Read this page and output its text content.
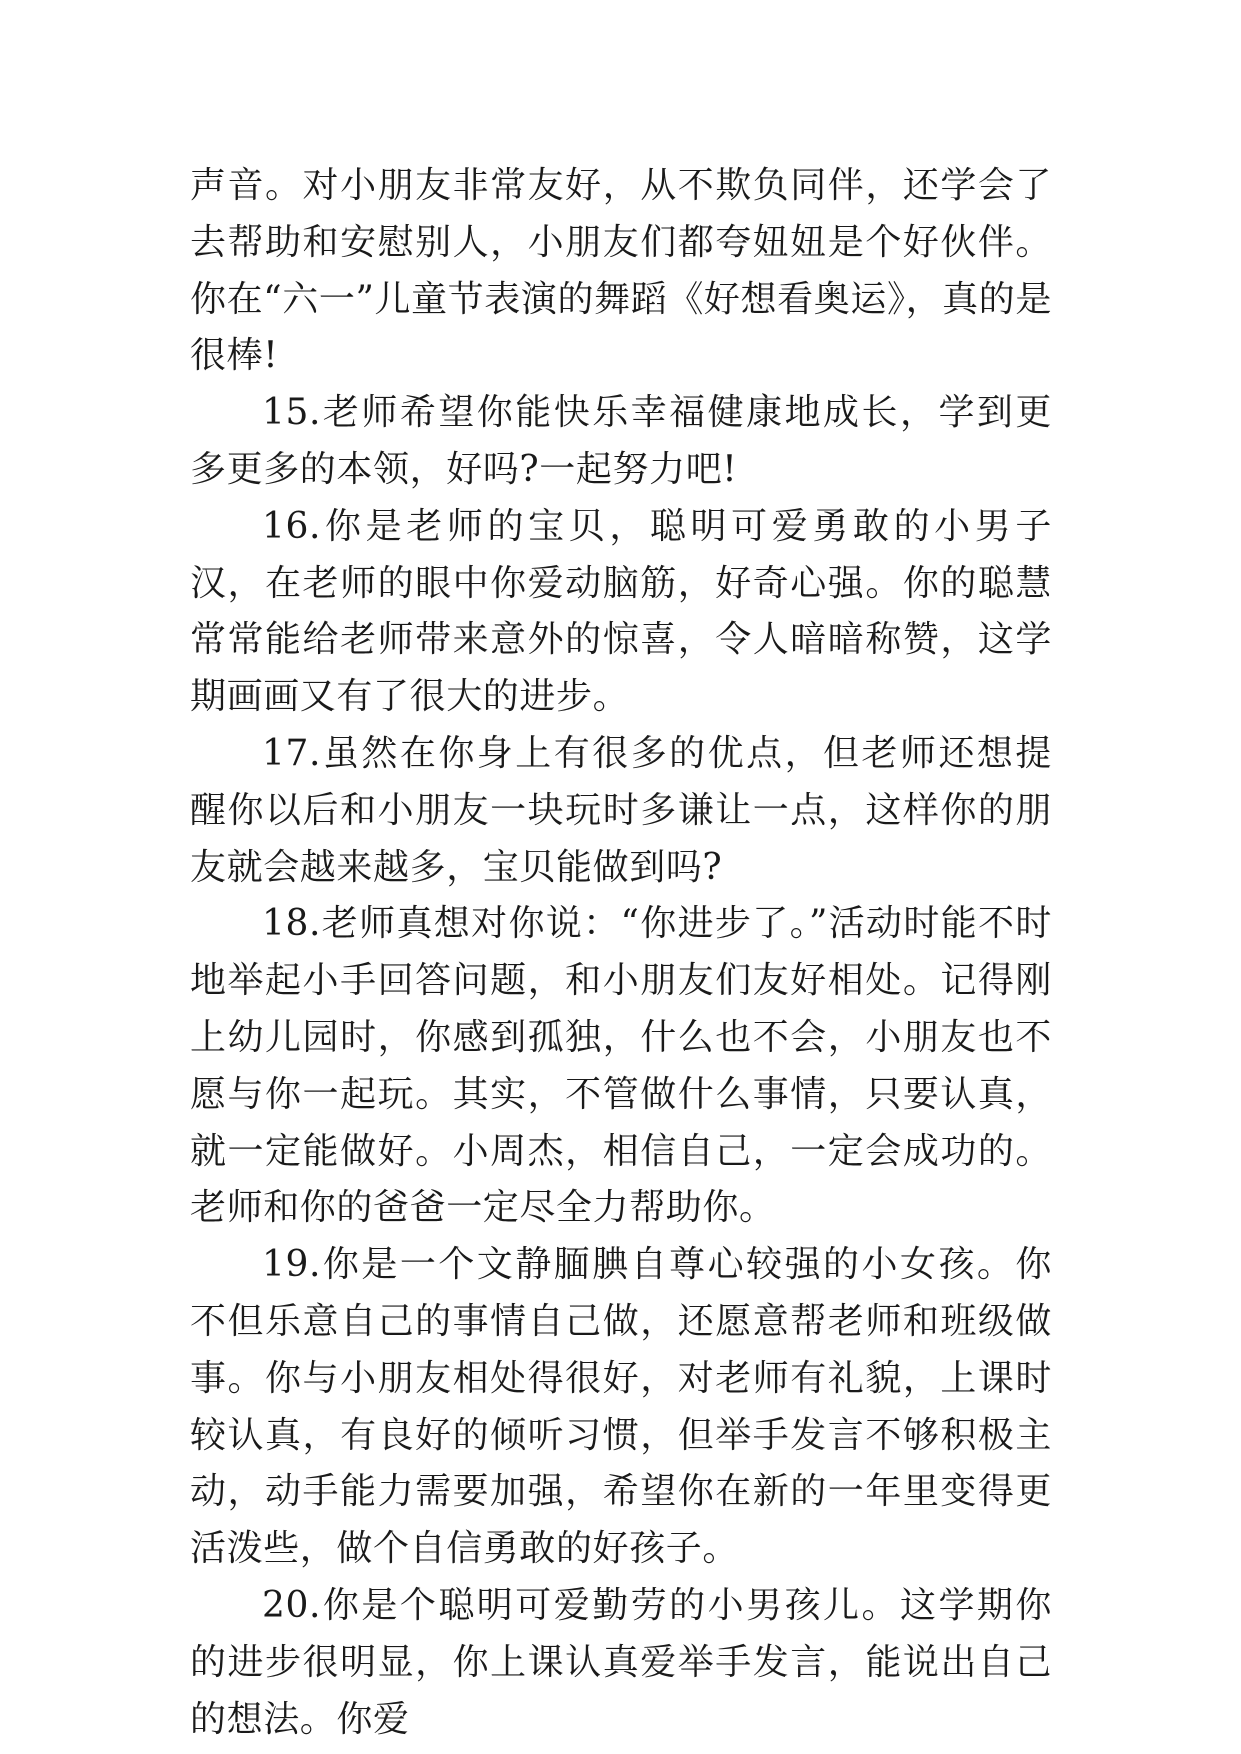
声音。对小朋友非常友好，从不欺负同伴，还学会了去帮助和安慰别人，小朋友们都夸妞妞是个好伙伴。你在“六一”儿童节表演的舞蹈《好想看奥运》，真的是很棒!

15.老师希望你能快乐幸福健康地成长，学到更多更多的本领，好吗?一起努力吧!

16.你是老师的宝贝，聪明可爱勇敢的小男子汉，在老师的眼中你爱动脑筋，好奇心强。你的聪慧常常能给老师带来意外的惊喜，令人暗暗称赞，这学期画画又有了很大的进步。

17.虽然在你身上有很多的优点，但老师还想提醒你以后和小朋友一块玩时多谦让一点，这样你的朋友就会越来越多，宝贝能做到吗?

18.老师真想对你说：“你进步了。”活动时能不时地举起小手回答问题，和小朋友们友好相处。记得刚上幼儿园时，你感到孤独，什么也不会，小朋友也不愿与你一起玩。其实，不管做什么事情，只要认真，就一定能做好。小周杰，相信自己，一定会成功的。老师和你的爸爸一定尽全力帮助你。

19.你是一个文静腼腆自尊心较强的小女孩。你不但乐意自己的事情自己做，还愿意帮老师和班级做事。你与小朋友相处得很好，对老师有礼貌，上课时较认真，有良好的倾听习惯，但举手发言不够积极主动，动手能力需要加强，希望你在新的一年里变得更活泼些，做个自信勇敢的好孩子。

20.你是个聪明可爱勤劳的小男孩儿。这学期你的进步很明显，你上课认真爱举手发言，能说出自己的想法。你爱
